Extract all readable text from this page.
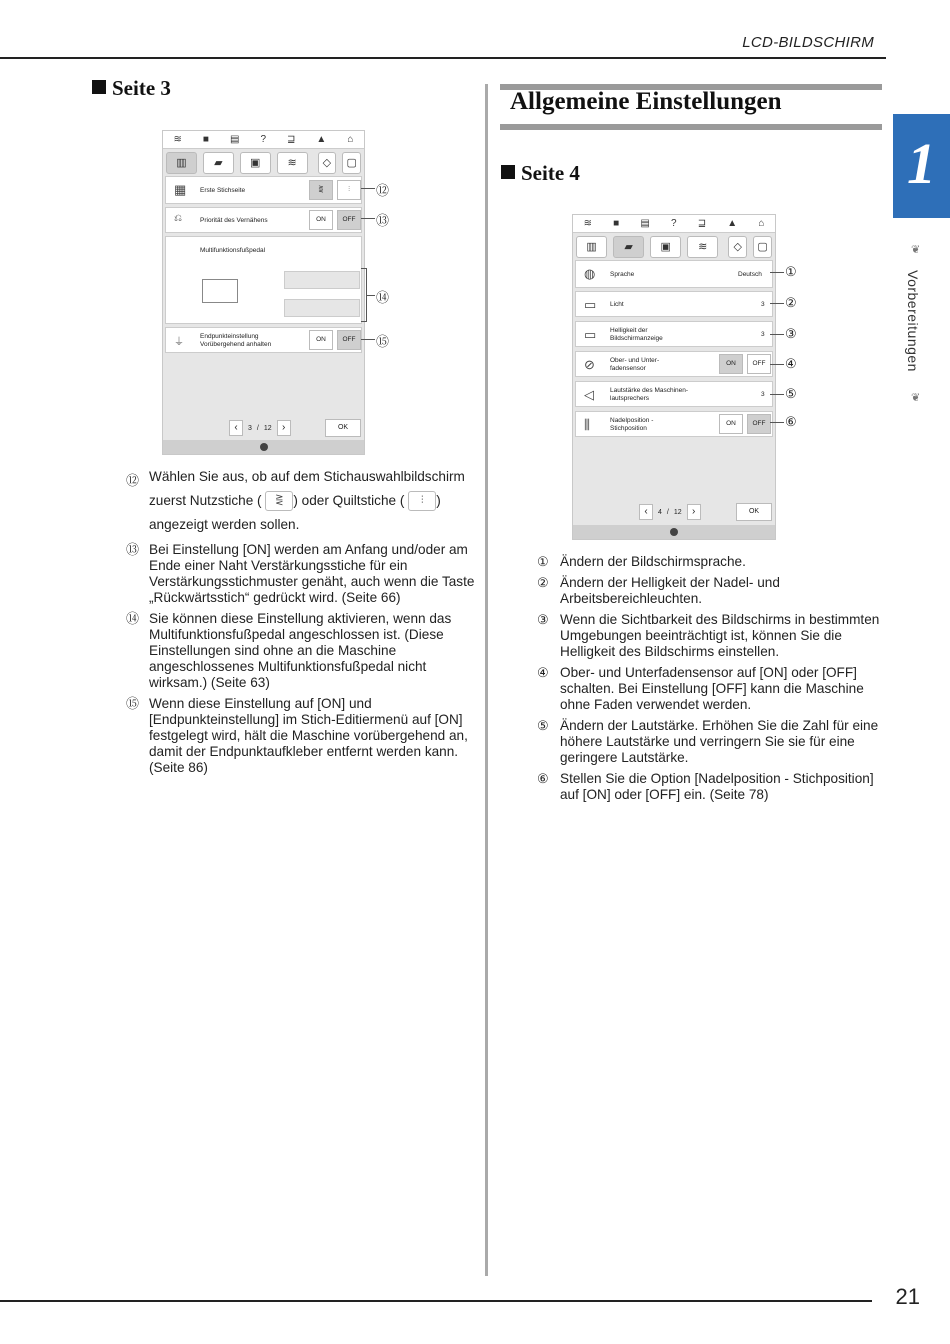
LCD-BILDSCHIRM
1
❦
Vorbereitungen
❦
Seite 3
≋ ■ ▤ ? ⊒ ▲ ⌂
▥	▰	▣	≋	◇	▢
▦ Erste Stichseite	⋛	⫶
⎌	Priorität des Vernähens	ON	OFF
Multifunktionsfußpedal
⏚
Endpunkteinstellung
Vorübergehend anhalten
ON	OFF
‹	3 / 12	›	OK
⑫
⑬
⑭
⑮
⑫ Wählen Sie aus, ob auf dem Stichauswahlbildschirm zuerst Nutzstiche ( ⋛ ) oder Quiltstiche ( ⫶ ) angezeigt werden sollen.
⑬ Bei Einstellung [ON] werden am Anfang und/oder am Ende einer Naht Verstärkungsstiche für ein Verstärkungsstichmuster genäht, auch wenn die Taste „Rückwärtsstich“ gedrückt wird. (Seite 66)
⑭ Sie können diese Einstellung aktivieren, wenn das Multifunktionsfußpedal angeschlossen ist. (Diese Einstellungen sind ohne an die Maschine angeschlossenes Multifunktionsfußpedal nicht wirksam.) (Seite 63)
⑮ Wenn diese Einstellung auf [ON] und [Endpunkteinstellung] im Stich-Editiermenü auf [ON] festgelegt wird, hält die Maschine vorübergehend an, damit der Endpunktaufkleber entfernt werden kann. (Seite 86)
Allgemeine Einstellungen
Seite 4
≋ ■ ▤ ? ⊒ ▲ ⌂
▥	▰	▣	≋	◇	▢
◍ Sprache	Deutsch
▭ Licht	3
▭ Helligkeit der
Bildschirmanzeige
3
⊘ Ober- und Unter-
fadensensor
ON	OFF
◁ Lautstärke des Maschinen-
lautsprechers
3
⫼	Nadelposition -
Stichposition
ON	OFF
‹	4 / 12	›	OK
①
②
③
④
⑤
⑥
① Ändern der Bildschirmsprache.
② Ändern der Helligkeit der Nadel- und Arbeitsbereichleuchten.
③ Wenn die Sichtbarkeit des Bildschirms in bestimmten Umgebungen beeinträchtigt ist, können Sie die Helligkeit des Bildschirms einstellen.
④ Ober- und Unterfadensensor auf [ON] oder [OFF] schalten. Bei Einstellung [OFF] kann die Maschine ohne Faden verwendet werden.
⑤ Ändern der Lautstärke. Erhöhen Sie die Zahl für eine höhere Lautstärke und verringern Sie sie für eine geringere Lautstärke.
⑥ Stellen Sie die Option [Nadelposition - Stichposition] auf [ON] oder [OFF] ein. (Seite 78)
21
